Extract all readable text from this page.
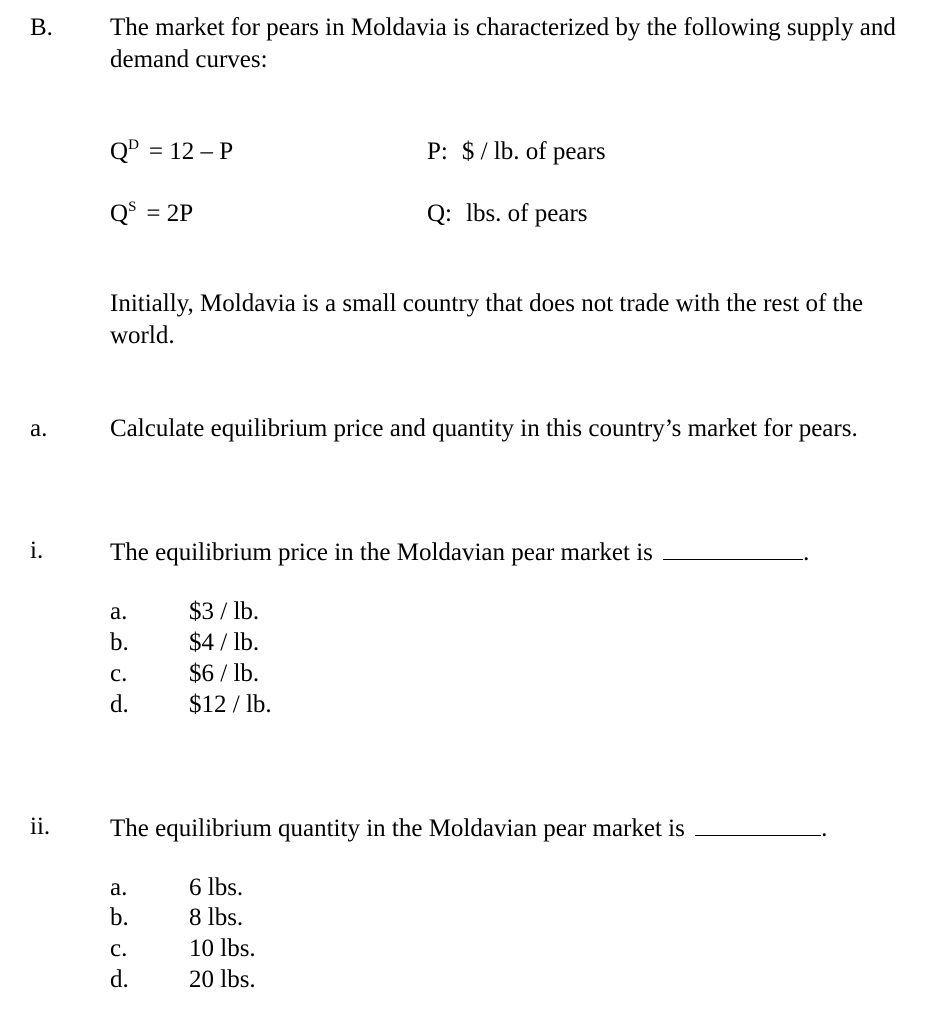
B. The market for pears in Moldavia is characterized by the following supply and demand curves:
$Q^D = 12 - P$
$Q^S = 2P$
P: $ / lb. of pears
Q: lbs. of pears
Initially, Moldavia is a small country that does not trade with the rest of the world.
a.	Calculate equilibrium price and quantity in this country’s market for pears.
i.	The equilibrium price in the Moldavian pear market is	.
a. $3 / lb.
b. $4 / lb.
c. $6 / lb.
d. $12 / lb.
ii. The equilibrium quantity in the Moldavian pear market is	.
a. 6 lbs.
b. 8 lbs.
c. 10 lbs.
d. 20 lbs.
